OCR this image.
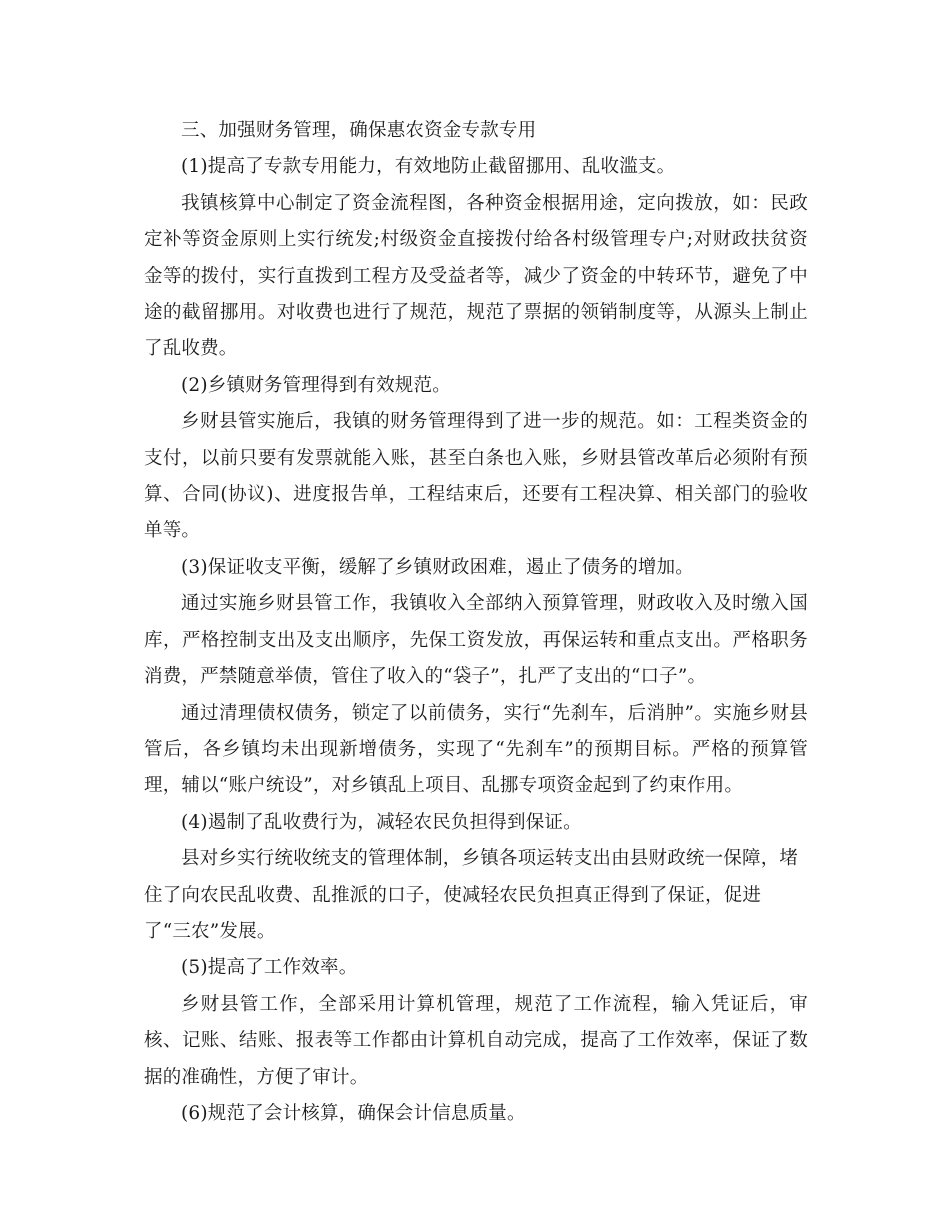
三、加强财务管理，确保惠农资金专款专用

(1)提高了专款专用能力，有效地防止截留挪用、乱收滥支。

我镇核算中心制定了资金流程图，各种资金根据用途，定向拨放，如：民政定补等资金原则上实行统发;村级资金直接拨付给各村级管理专户;对财政扶贫资金等的拨付，实行直拨到工程方及受益者等，减少了资金的中转环节，避免了中途的截留挪用。对收费也进行了规范，规范了票据的领销制度等，从源头上制止了乱收费。

(2)乡镇财务管理得到有效规范。

乡财县管实施后，我镇的财务管理得到了进一步的规范。如：工程类资金的支付，以前只要有发票就能入账，甚至白条也入账，乡财县管改革后必须附有预算、合同(协议)、进度报告单，工程结束后，还要有工程决算、相关部门的验收单等。

(3)保证收支平衡，缓解了乡镇财政困难，遏止了债务的增加。

通过实施乡财县管工作，我镇收入全部纳入预算管理，财政收入及时缴入国库，严格控制支出及支出顺序，先保工资发放，再保运转和重点支出。严格职务消费，严禁随意举债，管住了收入的“袋子”，扎严了支出的“口子”。

通过清理债权债务，锁定了以前债务，实行“先刹车，后消肿”。实施乡财县管后，各乡镇均未出现新增债务，实现了“先刹车”的预期目标。严格的预算管理，辅以“账户统设”，对乡镇乱上项目、乱挪专项资金起到了约束作用。

(4)遏制了乱收费行为，减轻农民负担得到保证。

县对乡实行统收统支的管理体制，乡镇各项运转支出由县财政统一保障，堵住了向农民乱收费、乱推派的口子，使减轻农民负担真正得到了保证，促进了“三农”发展。

(5)提高了工作效率。

乡财县管工作，全部采用计算机管理，规范了工作流程，输入凭证后，审核、记账、结账、报表等工作都由计算机自动完成，提高了工作效率，保证了数据的准确性，方便了审计。

(6)规范了会计核算，确保会计信息质量。
